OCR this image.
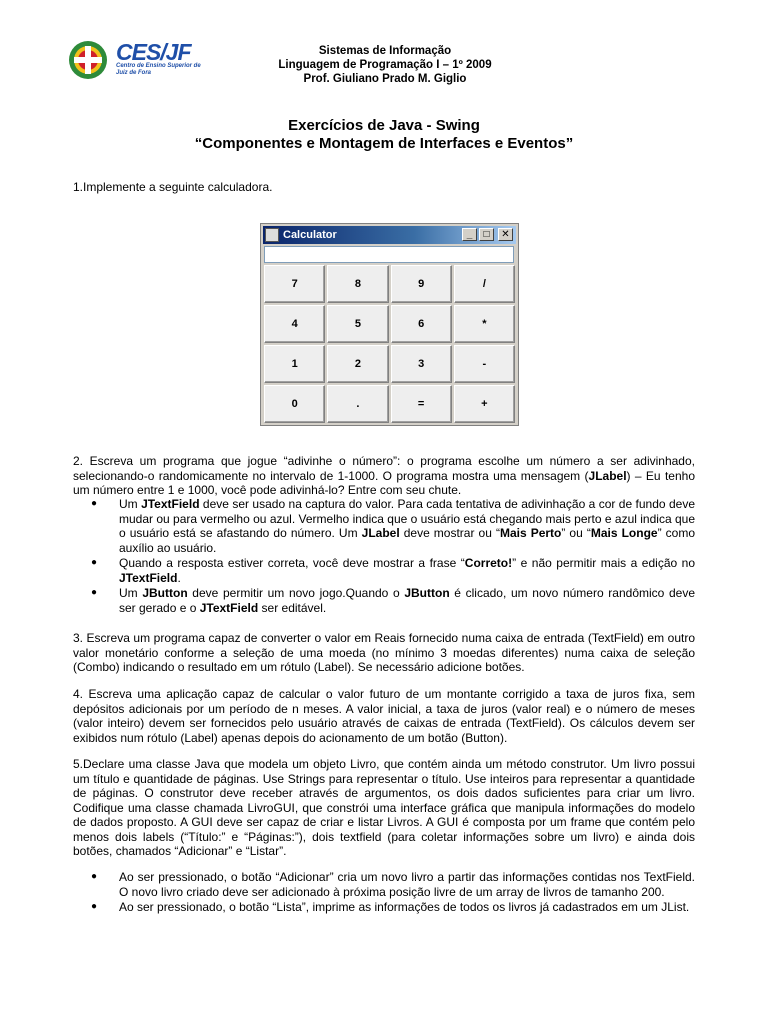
CES/JF
Centro de Ensino Superior de Juiz de Fora
Sistemas de Informação
Linguagem de Programação I – 1º 2009
Prof. Giuliano Prado M. Giglio
Exercícios de Java - Swing
“Componentes e Montagem de Interfaces e Eventos”
1.Implemente a seguinte calculadora.
Calculator	_	□	✕
7	8	9	/
4	5	6	*
1	2	3	-
0	.	=	+
2. Escreva um programa que jogue “adivinhe o número”: o programa escolhe um número a ser adivinhado, selecionando-o randomicamente no intervalo de 1-1000. O programa mostra uma mensagem (JLabel) – Eu tenho um número entre 1 e 1000, você pode adivinhá-lo? Entre com seu chute.
● Um JTextField deve ser usado na captura do valor. Para cada tentativa de adivinhação a cor de fundo deve mudar ou para vermelho ou azul. Vermelho indica que o usuário está chegando mais perto e azul indica que o usuário está se afastando do número. Um JLabel deve mostrar ou “Mais Perto” ou “Mais Longe” como auxílio ao usuário.
● Quando a resposta estiver correta, você deve mostrar a frase “Correto!” e não permitir mais a edição no JTextField.
● Um JButton deve permitir um novo jogo.Quando o JButton é clicado, um novo número randômico deve ser gerado e o JTextField ser editável.
3. Escreva um programa capaz de converter o valor em Reais fornecido numa caixa de entrada (TextField) em outro valor monetário conforme a seleção de uma moeda (no mínimo 3 moedas diferentes) numa caixa de seleção (Combo) indicando o resultado em um rótulo (Label). Se necessário adicione botões.
4. Escreva uma aplicação capaz de calcular o valor futuro de um montante corrigido a taxa de juros fixa, sem depósitos adicionais por um período de n meses. A valor inicial, a taxa de juros (valor real) e o número de meses (valor inteiro) devem ser fornecidos pelo usuário através de caixas de entrada (TextField). Os cálculos devem ser exibidos num rótulo (Label) apenas depois do acionamento de um botão (Button).
5.Declare uma classe Java que modela um objeto Livro, que contém ainda um método construtor. Um livro possui um título e quantidade de páginas. Use Strings para representar o título. Use inteiros para representar a quantidade de páginas. O construtor deve receber através de argumentos, os dois dados suficientes para criar um livro. Codifique uma classe chamada LivroGUI, que constrói uma interface gráfica que manipula informações do modelo de dados proposto. A GUI deve ser capaz de criar e listar Livros. A GUI é composta por um frame que contém pelo menos dois labels (“Título:” e “Páginas:”), dois textfield (para coletar informações sobre um livro) e ainda dois botões, chamados “Adicionar” e “Listar”.
● Ao ser pressionado, o botão “Adicionar” cria um novo livro a partir das informações contidas nos TextField. O novo livro criado deve ser adicionado à próxima posição livre de um array de livros de tamanho 200.
● Ao ser pressionado, o botão “Lista”, imprime as informações de todos os livros já cadastrados em um JList.
